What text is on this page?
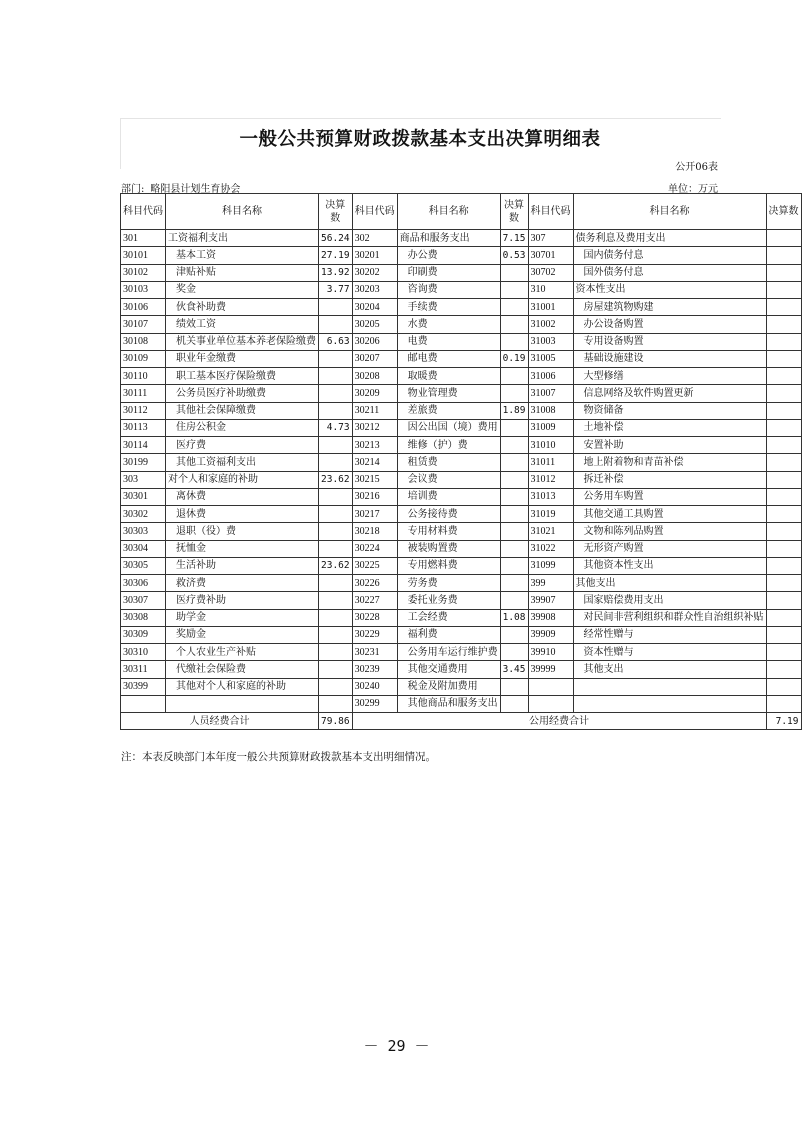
一般公共预算财政拨款基本支出决算明细表
公开06表
部门: 略阳县计划生育协会	单位：万元
科目代码	科目名称	决算数	科目代码	科目名称	决算数	科目代码	科目名称	决算数
301	工资福利支出	56.24	302	商品和服务支出	7.15	307	债务利息及费用支出	
30101	基本工资	27.19	30201	办公费	0.53	30701	国内债务付息	
30102	津贴补贴	13.92	30202	印刷费		30702	国外债务付息	
30103	奖金	3.77	30203	咨询费		310	资本性支出	
30106	伙食补助费		30204	手续费		31001	房屋建筑物购建	
30107	绩效工资		30205	水费		31002	办公设备购置	
30108	机关事业单位基本养老保险缴费	6.63	30206	电费		31003	专用设备购置	
30109	职业年金缴费		30207	邮电费	0.19	31005	基础设施建设	
30110	职工基本医疗保险缴费		30208	取暖费		31006	大型修缮	
30111	公务员医疗补助缴费		30209	物业管理费		31007	信息网络及软件购置更新	
30112	其他社会保障缴费		30211	差旅费	1.89	31008	物资储备	
30113	住房公积金	4.73	30212	因公出国（境）费用		31009	土地补偿	
30114	医疗费		30213	维修（护）费		31010	安置补助	
30199	其他工资福利支出		30214	租赁费		31011	地上附着物和青苗补偿	
303	对个人和家庭的补助	23.62	30215	会议费		31012	拆迁补偿	
30301	离休费		30216	培训费		31013	公务用车购置	
30302	退休费		30217	公务接待费		31019	其他交通工具购置	
30303	退职（役）费		30218	专用材料费		31021	文物和陈列品购置	
30304	抚恤金		30224	被装购置费		31022	无形资产购置	
30305	生活补助	23.62	30225	专用燃料费		31099	其他资本性支出	
30306	救济费		30226	劳务费		399	其他支出	
30307	医疗费补助		30227	委托业务费		39907	国家赔偿费用支出	
30308	助学金		30228	工会经费	1.08	39908	对民间非营利组织和群众性自治组织补贴	
30309	奖励金		30229	福利费		39909	经常性赠与	
30310	个人农业生产补贴		30231	公务用车运行维护费		39910	资本性赠与	
30311	代缴社会保险费		30239	其他交通费用	3.45	39999	其他支出	
30399	其他对个人和家庭的补助		30240	税金及附加费用				
			30299	其他商品和服务支出				
人员经费合计		79.86	公用经费合计					7.19
注：本表反映部门本年度一般公共预算财政拨款基本支出明细情况。
－ 29 －
